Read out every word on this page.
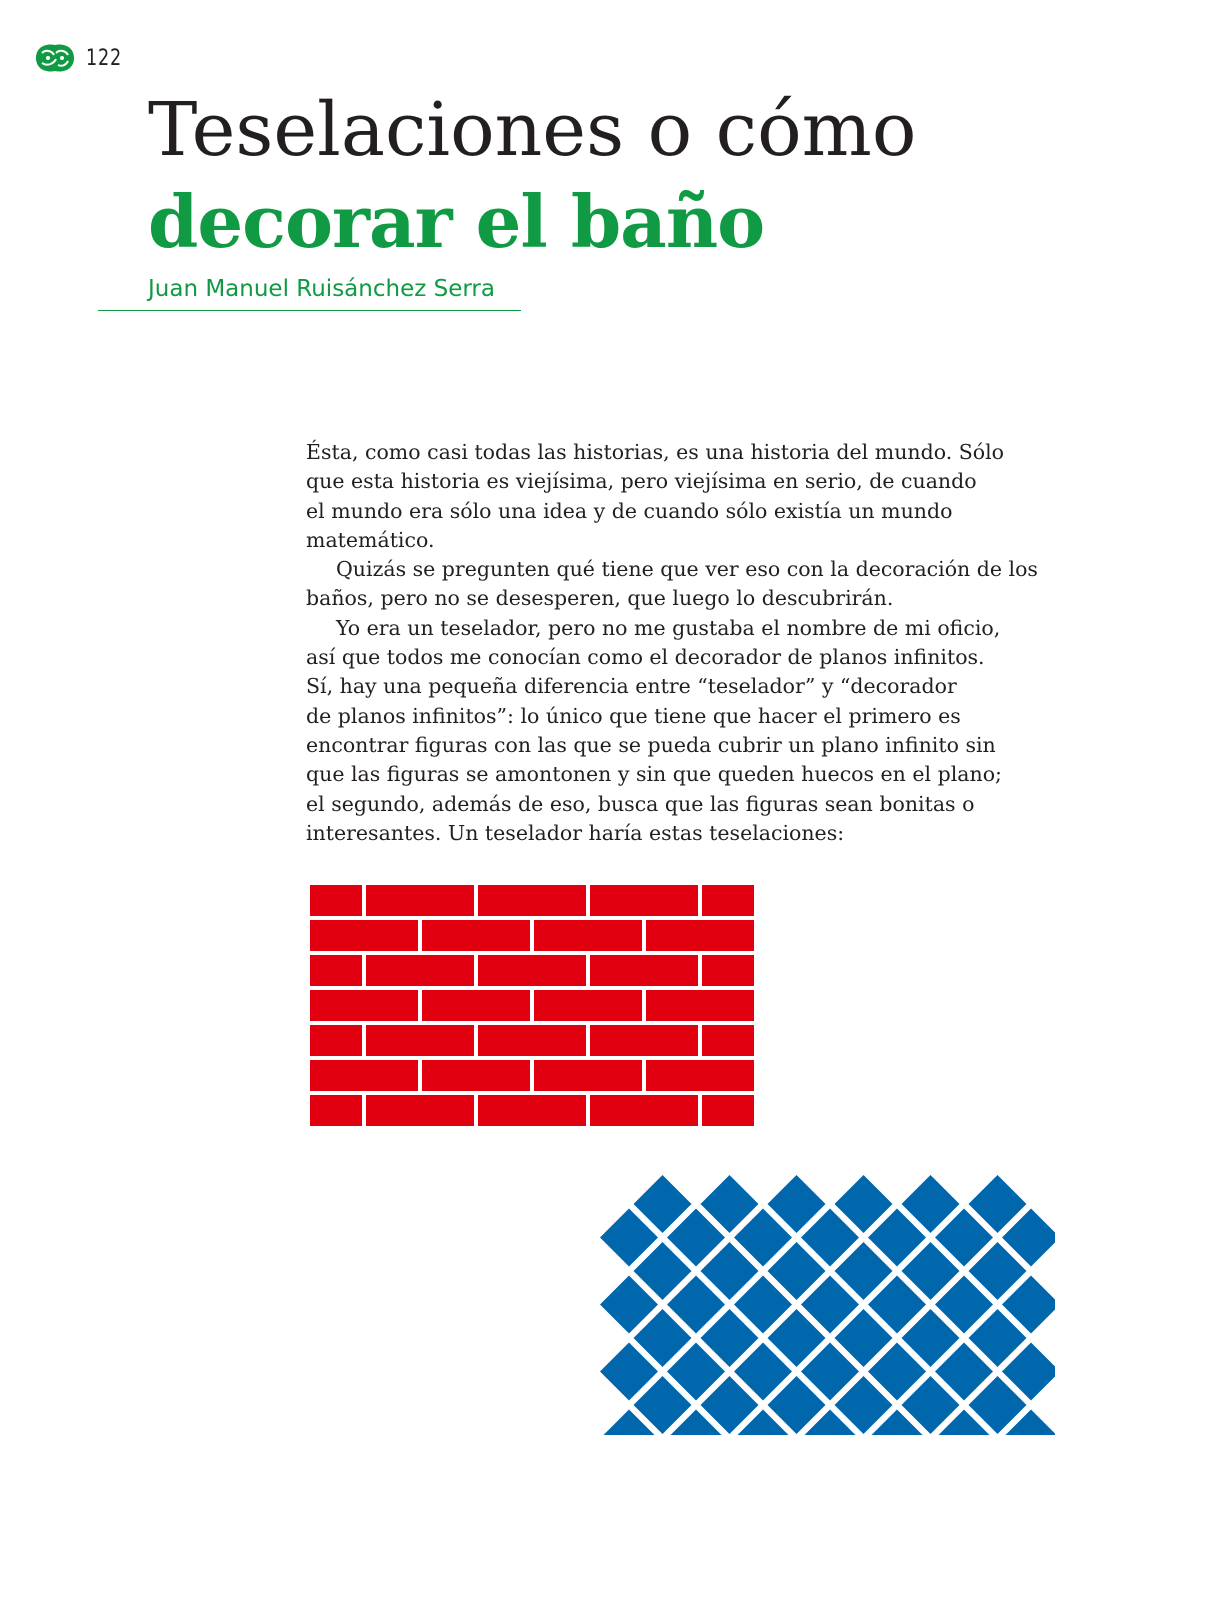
122
Teselaciones o cómo
decorar el baño
Juan Manuel Ruisánchez Serra

Ésta, como casi todas las historias, es una historia del mundo. Sólo
que esta historia es viejísima, pero viejísima en serio, de cuando
el mundo era sólo una idea y de cuando sólo existía un mundo
matemático.

Quizás se pregunten qué tiene que ver eso con la decoración de los
baños, pero no se desesperen, que luego lo descubrirán.

Yo era un teselador, pero no me gustaba el nombre de mi oficio,
así que todos me conocían como el decorador de planos infinitos.
Sí, hay una pequeña diferencia entre “teselador” y “decorador
de planos infinitos”: lo único que tiene que hacer el primero es
encontrar figuras con las que se pueda cubrir un plano infinito sin
que las figuras se amontonen y sin que queden huecos en el plano;
el segundo, además de eso, busca que las figuras sean bonitas o
interesantes. Un teselador haría estas teselaciones:
